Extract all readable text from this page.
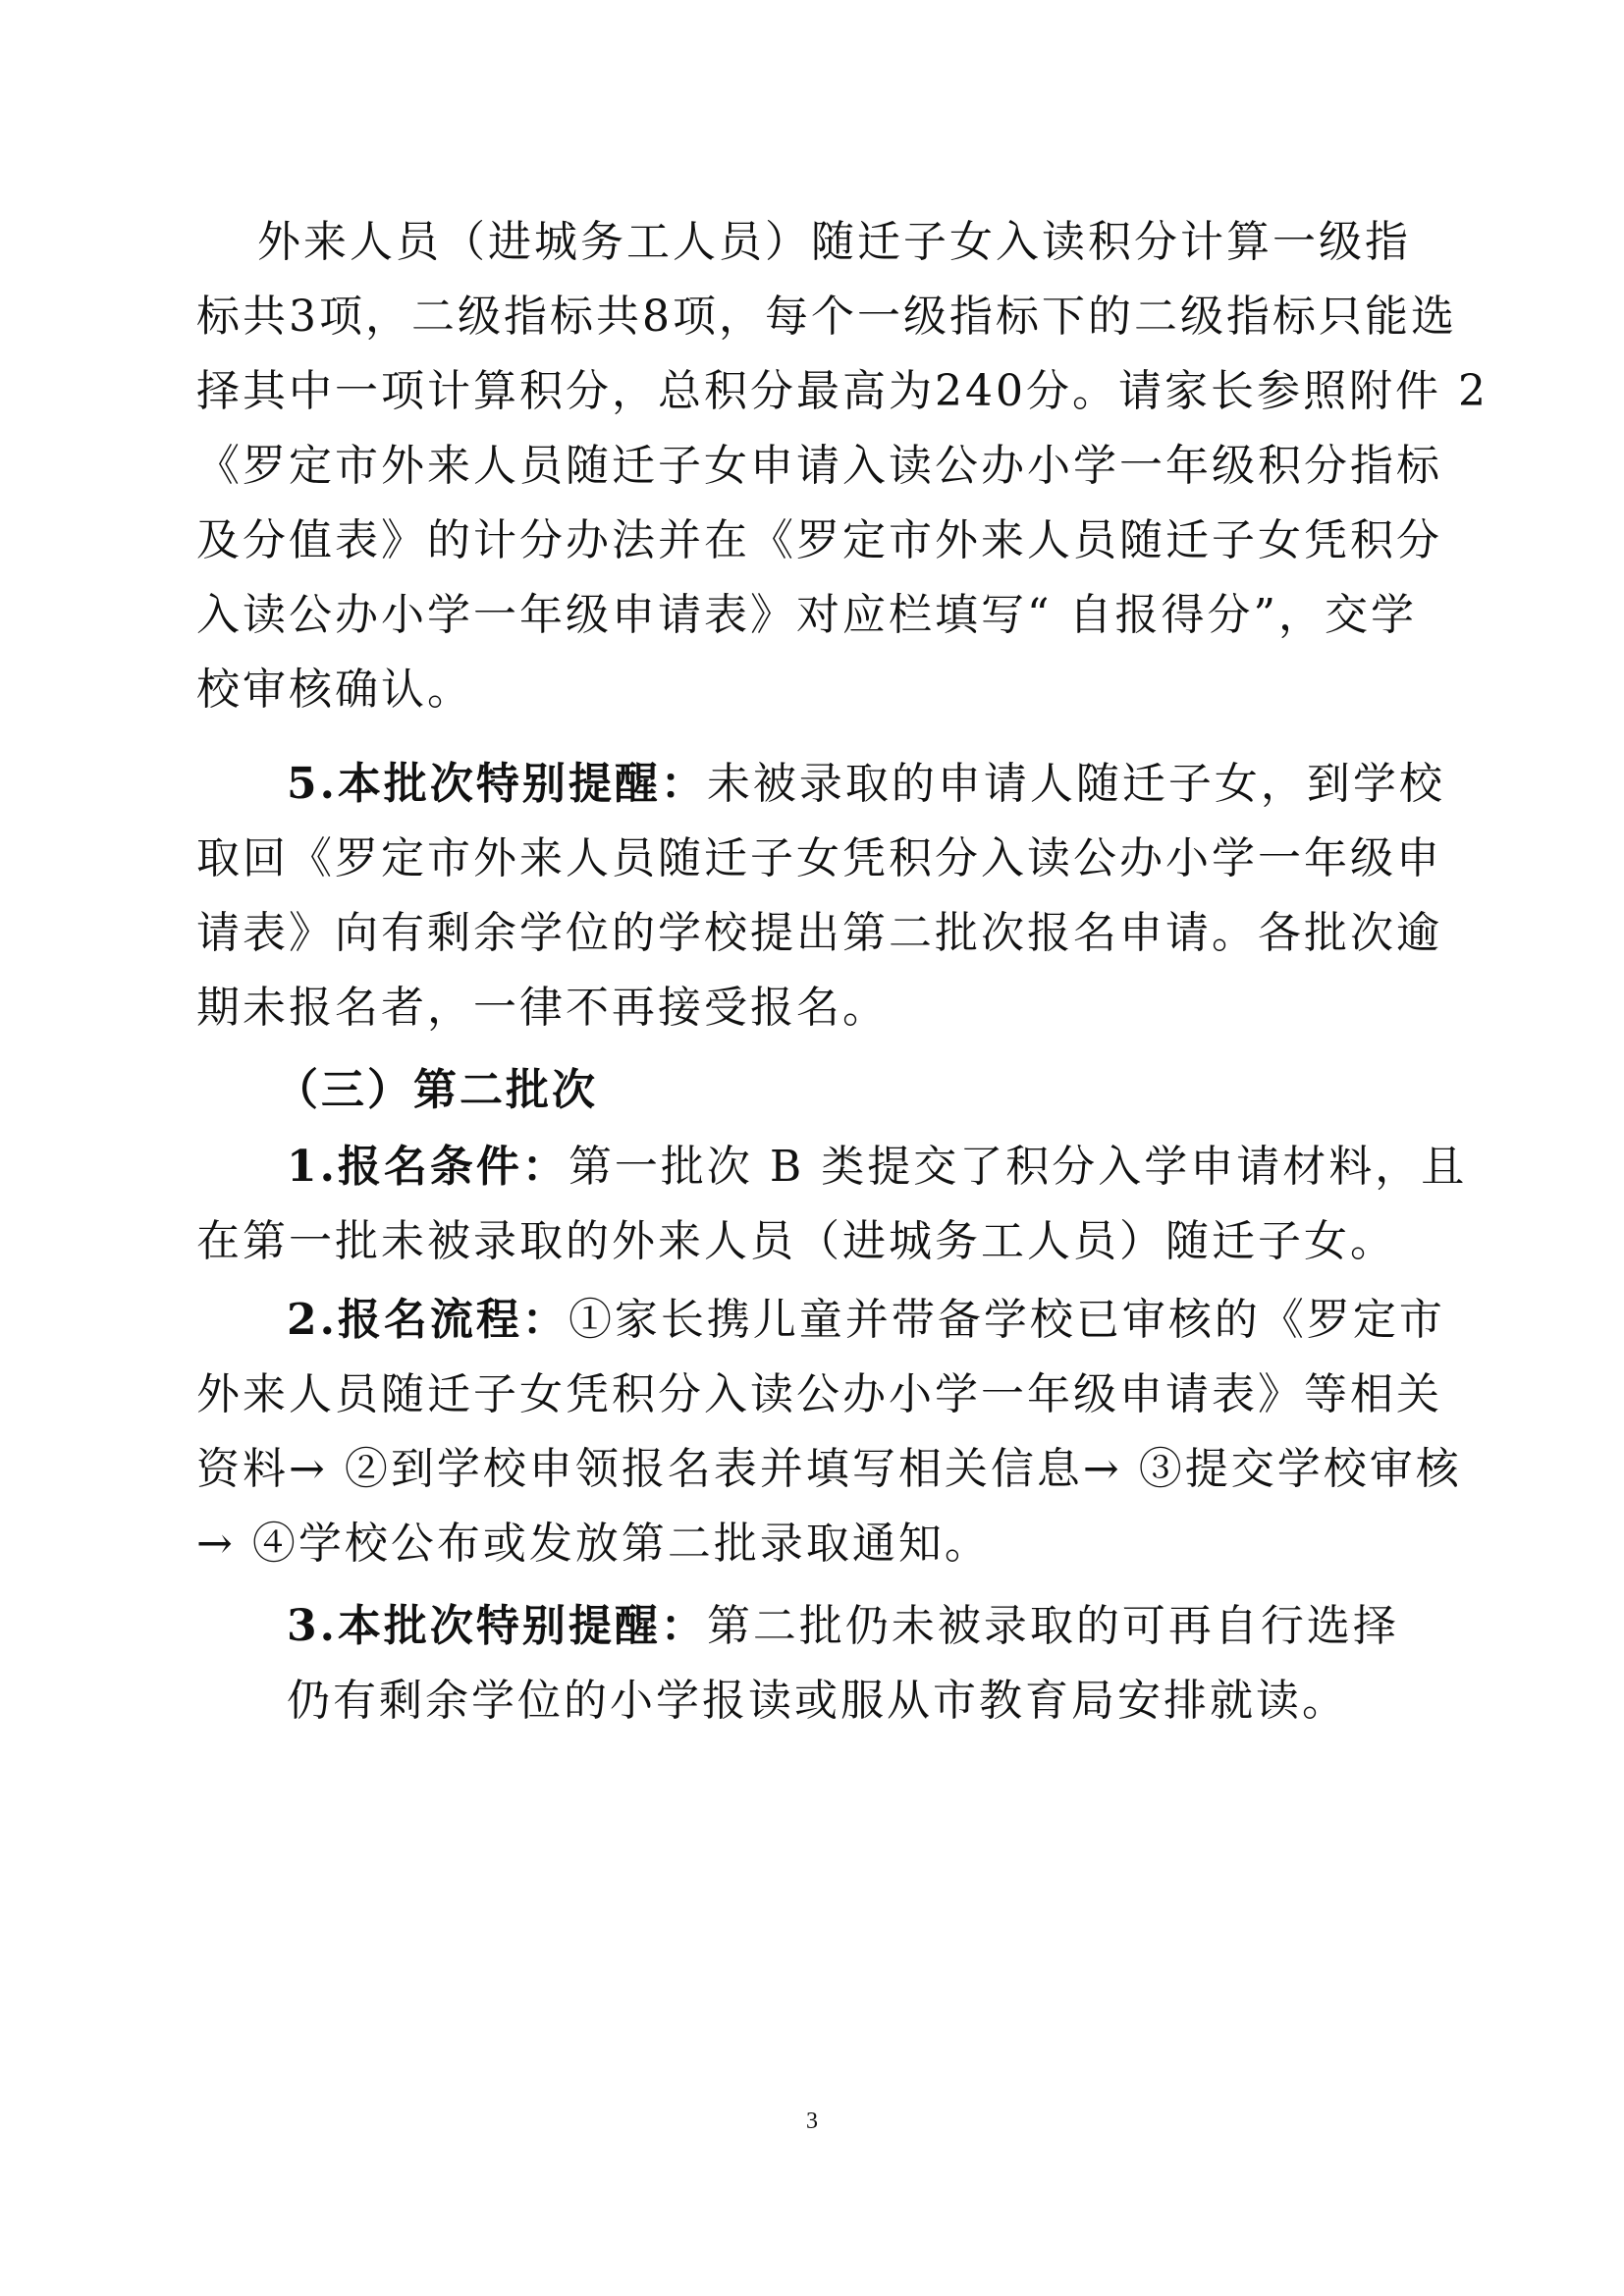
外来人员（进城务工人员）随迁子女入读积分计算一级指
标共3项，二级指标共8项，每个一级指标下的二级指标只能选
择其中一项计算积分，总积分最高为240分。请家长参照附件 2
《罗定市外来人员随迁子女申请入读公办小学一年级积分指标
及分值表》的计分办法并在《罗定市外来人员随迁子女凭积分
入读公办小学一年级申请表》对应栏填写“ 自报得分”，交学
校审核确认。
5.本批次特别提醒：未被录取的申请人随迁子女，到学校
取回《罗定市外来人员随迁子女凭积分入读公办小学一年级申
请表》向有剩余学位的学校提出第二批次报名申请。各批次逾
期未报名者，一律不再接受报名。
（三）第二批次
1.报名条件：第一批次 B 类提交了积分入学申请材料，且
在第一批未被录取的外来人员（进城务工人员）随迁子女。
2.报名流程：①家长携儿童并带备学校已审核的《罗定市
外来人员随迁子女凭积分入读公办小学一年级申请表》等相关
资料→ ②到学校申领报名表并填写相关信息→ ③提交学校审核
→ ④学校公布或发放第二批录取通知。
3.本批次特别提醒：第二批仍未被录取的可再自行选择
仍有剩余学位的小学报读或服从市教育局安排就读。
3
